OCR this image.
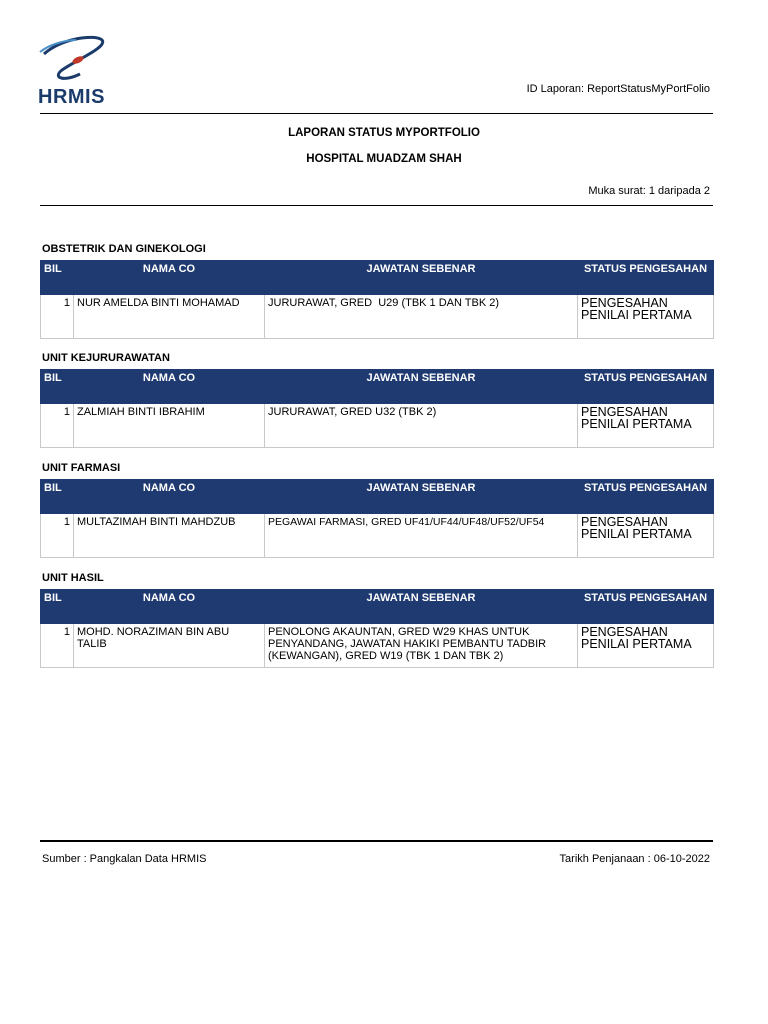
HRMIS	ID Laporan: ReportStatusMyPortFolio
LAPORAN STATUS MYPORTFOLIO
HOSPITAL MUADZAM SHAH
Muka surat: 1 daripada 2
OBSTETRIK DAN GINEKOLOGI
BIL	NAMA CO	JAWATAN SEBENAR	STATUS PENGESAHAN
1	NUR AMELDA BINTI MOHAMAD	JURURAWAT, GRED  U29 (TBK 1 DAN TBK 2)	PENGESAHAN PENILAI PERTAMA
UNIT KEJURURAWATAN
BIL	NAMA CO	JAWATAN SEBENAR	STATUS PENGESAHAN
1	ZALMIAH BINTI IBRAHIM	JURURAWAT, GRED U32 (TBK 2)	PENGESAHAN PENILAI PERTAMA
UNIT FARMASI
BIL	NAMA CO	JAWATAN SEBENAR	STATUS PENGESAHAN
1	MULTAZIMAH BINTI MAHDZUB	PEGAWAI FARMASI, GRED UF41/UF44/UF48/UF52/UF54	PENGESAHAN PENILAI PERTAMA
UNIT HASIL
BIL	NAMA CO	JAWATAN SEBENAR	STATUS PENGESAHAN
1	MOHD. NORAZIMAN BIN ABU TALIB	PENOLONG AKAUNTAN, GRED W29 KHAS UNTUK PENYANDANG, JAWATAN HAKIKI PEMBANTU TADBIR (KEWANGAN), GRED W19 (TBK 1 DAN TBK 2)	PENGESAHAN PENILAI PERTAMA
Sumber : Pangkalan Data HRMIS	Tarikh Penjanaan : 06-10-2022
